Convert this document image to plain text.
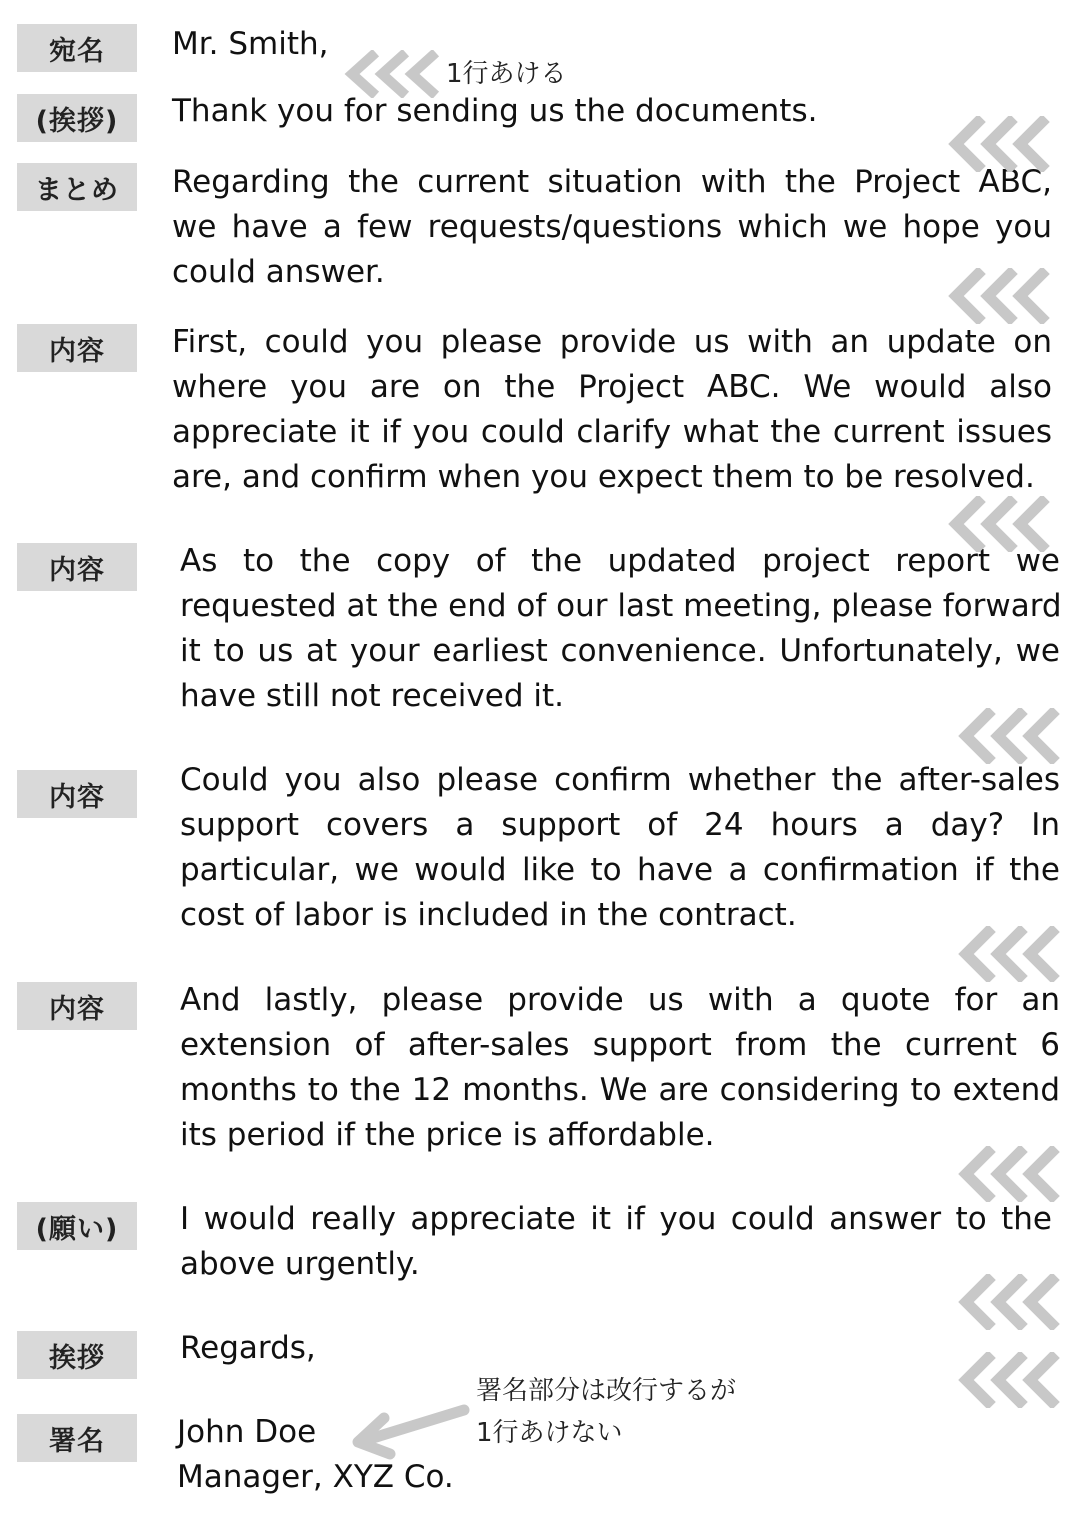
宛名
(挨拶)
まとめ
内容
内容
内容
内容
(願い)
挨拶
署名
Mr. Smith,
Thank you for sending us the documents.
Regarding the current situation with the Project ABC,
we have a few requests/questions which we hope you
could answer.
First, could you please provide us with an update on
where you are on the Project ABC. We would also
appreciate it if you could clarify what the current issues
are, and confirm when you expect them to be resolved.
As to the copy of the updated project report we
requested at the end of our last meeting, please forward
it to us at your earliest convenience. Unfortunately, we
have still not received it.
Could you also please confirm whether the after-sales
support covers a support of 24 hours a day? In
particular, we would like to have a confirmation if the
cost of labor is included in the contract.
And lastly, please provide us with a quote for an
extension of after-sales support from the current 6
months to the 12 months. We are considering to extend
its period if the price is affordable.
I would really appreciate it if you could answer to the
above urgently.
Regards,
John Doe
Manager, XYZ Co.
1行あける
署名部分は改行するが
1行あけない
